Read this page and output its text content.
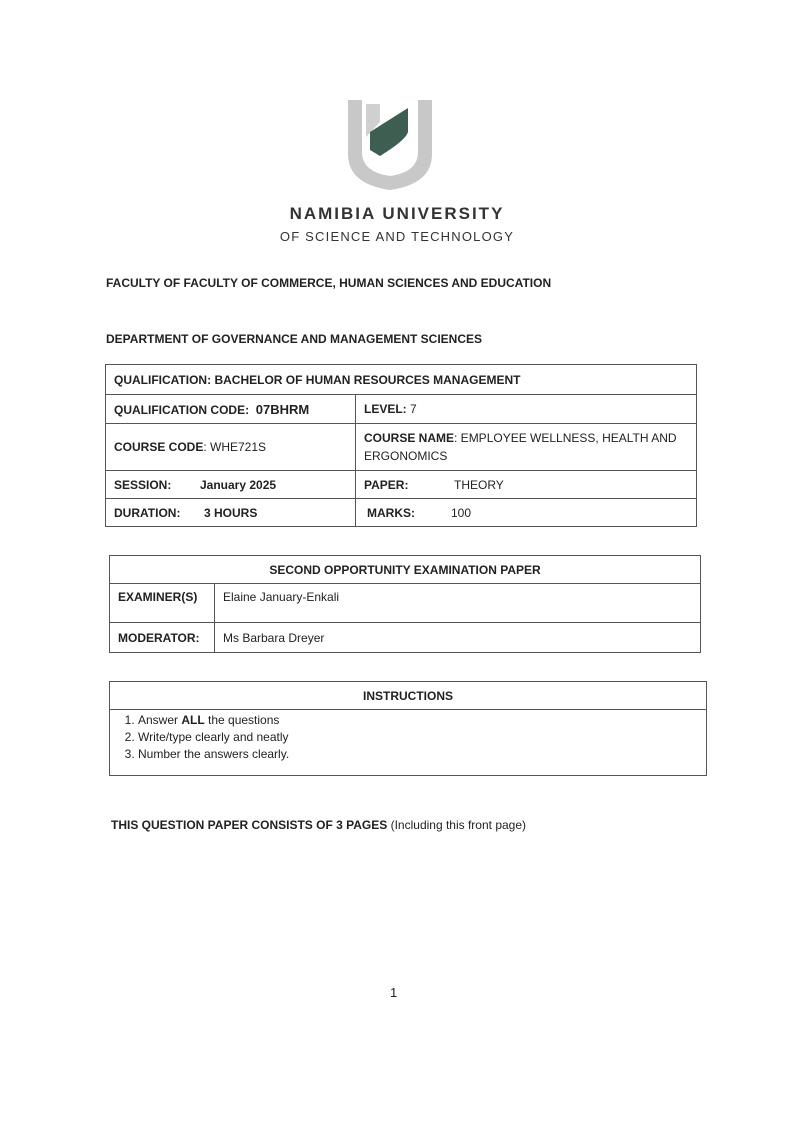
NAMIBIA UNIVERSITY
OF SCIENCE AND TECHNOLOGY
FACULTY OF FACULTY OF COMMERCE, HUMAN SCIENCES AND EDUCATION
DEPARTMENT OF GOVERNANCE AND MANAGEMENT SCIENCES
QUALIFICATION: BACHELOR OF HUMAN RESOURCES MANAGEMENT	
QUALIFICATION CODE: 07BHRM	LEVEL: 7
COURSE CODE: WHE721S	COURSE NAME: EMPLOYEE WELLNESS, HEALTH AND ERGONOMICS
SESSION: January 2025	PAPER: THEORY
DURATION: 3 HOURS	MARKS: 100
SECOND OPPORTUNITY EXAMINATION PAPER	
EXAMINER(S)	Elaine January-Enkali
MODERATOR:	Ms Barbara Dreyer
INSTRUCTIONS

1. Answer ALL the questions
2. Write/type clearly and neatly
3. Number the answers clearly.
THIS QUESTION PAPER CONSISTS OF 3 PAGES (Including this front page)
1
